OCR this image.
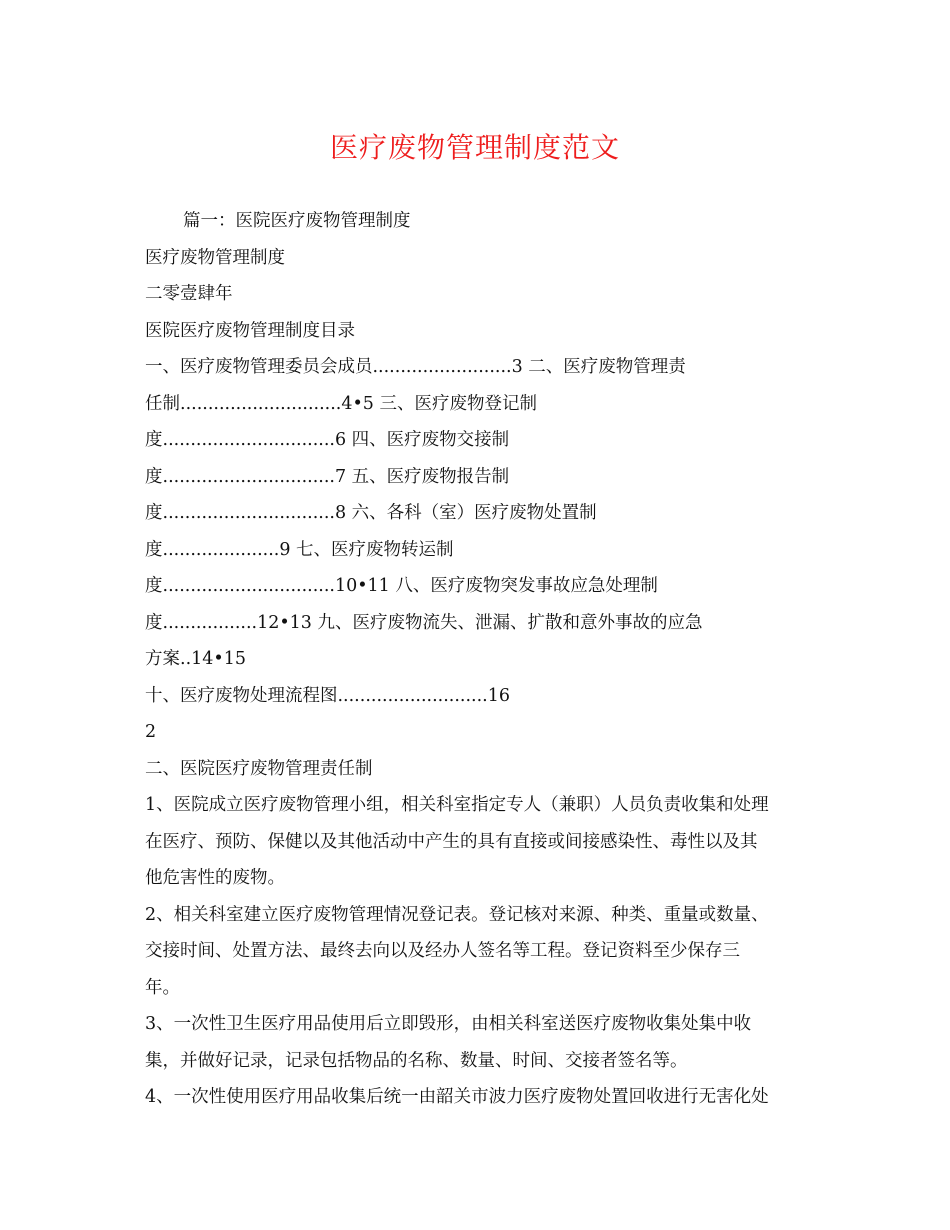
医疗废物管理制度范文
篇一：医院医疗废物管理制度
医疗废物管理制度
二零壹肆年
医院医疗废物管理制度目录
一、医疗废物管理委员会成员.........................3 二、医疗废物管理责
任制.............................4•5 三、医疗废物登记制
度...............................6 四、医疗废物交接制
度...............................7 五、医疗废物报告制
度...............................8 六、各科（室）医疗废物处置制
度.....................9 七、医疗废物转运制
度...............................10•11 八、医疗废物突发事故应急处理制
度.................12•13 九、医疗废物流失、泄漏、扩散和意外事故的应急
方案..14•15
十、医疗废物处理流程图...........................16
2
二、医院医疗废物管理责任制
1、医院成立医疗废物管理小组，相关科室指定专人（兼职）人员负责收集和处理
在医疗、预防、保健以及其他活动中产生的具有直接或间接感染性、毒性以及其
他危害性的废物。
2、相关科室建立医疗废物管理情况登记表。登记核对来源、种类、重量或数量、
交接时间、处置方法、最终去向以及经办人签名等工程。登记资料至少保存三
年。
3、一次性卫生医疗用品使用后立即毁形，由相关科室送医疗废物收集处集中收
集，并做好记录，记录包括物品的名称、数量、时间、交接者签名等。
4、一次性使用医疗用品收集后统一由韶关市波力医疗废物处置回收进行无害化处
